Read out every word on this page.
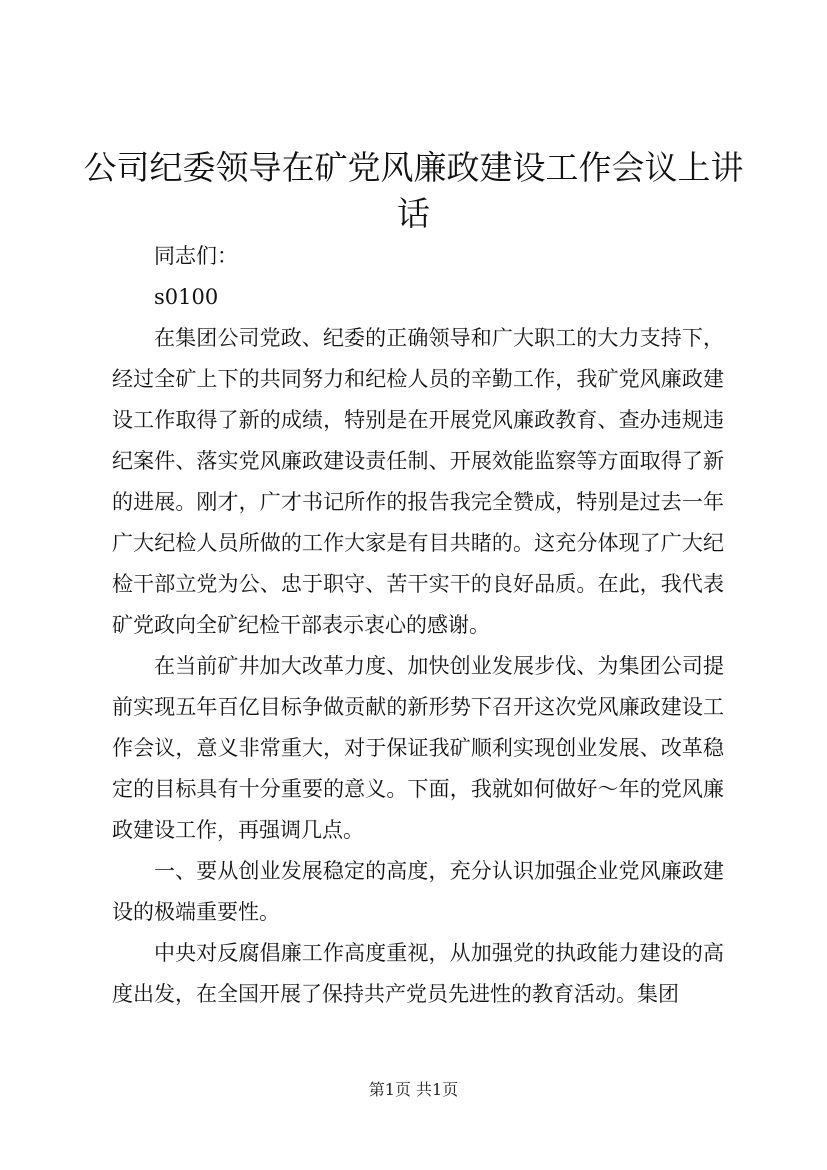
公司纪委领导在矿党风廉政建设工作会议上讲话

同志们：

s0100

在集团公司党政、纪委的正确领导和广大职工的大力支持下，经过全矿上下的共同努力和纪检人员的辛勤工作，我矿党风廉政建设工作取得了新的成绩，特别是在开展党风廉政教育、查办违规违纪案件、落实党风廉政建设责任制、开展效能监察等方面取得了新的进展。刚才，广才书记所作的报告我完全赞成，特别是过去一年广大纪检人员所做的工作大家是有目共睹的。这充分体现了广大纪检干部立党为公、忠于职守、苦干实干的良好品质。在此，我代表矿党政向全矿纪检干部表示衷心的感谢。

在当前矿井加大改革力度、加快创业发展步伐、为集团公司提前实现五年百亿目标争做贡献的新形势下召开这次党风廉政建设工作会议，意义非常重大，对于保证我矿顺利实现创业发展、改革稳定的目标具有十分重要的意义。下面，我就如何做好～年的党风廉政建设工作，再强调几点。

一、要从创业发展稳定的高度，充分认识加强企业党风廉政建设的极端重要性。

中央对反腐倡廉工作高度重视，从加强党的执政能力建设的高度出发，在全国开展了保持共产党员先进性的教育活动。集团

第1页 共1页
